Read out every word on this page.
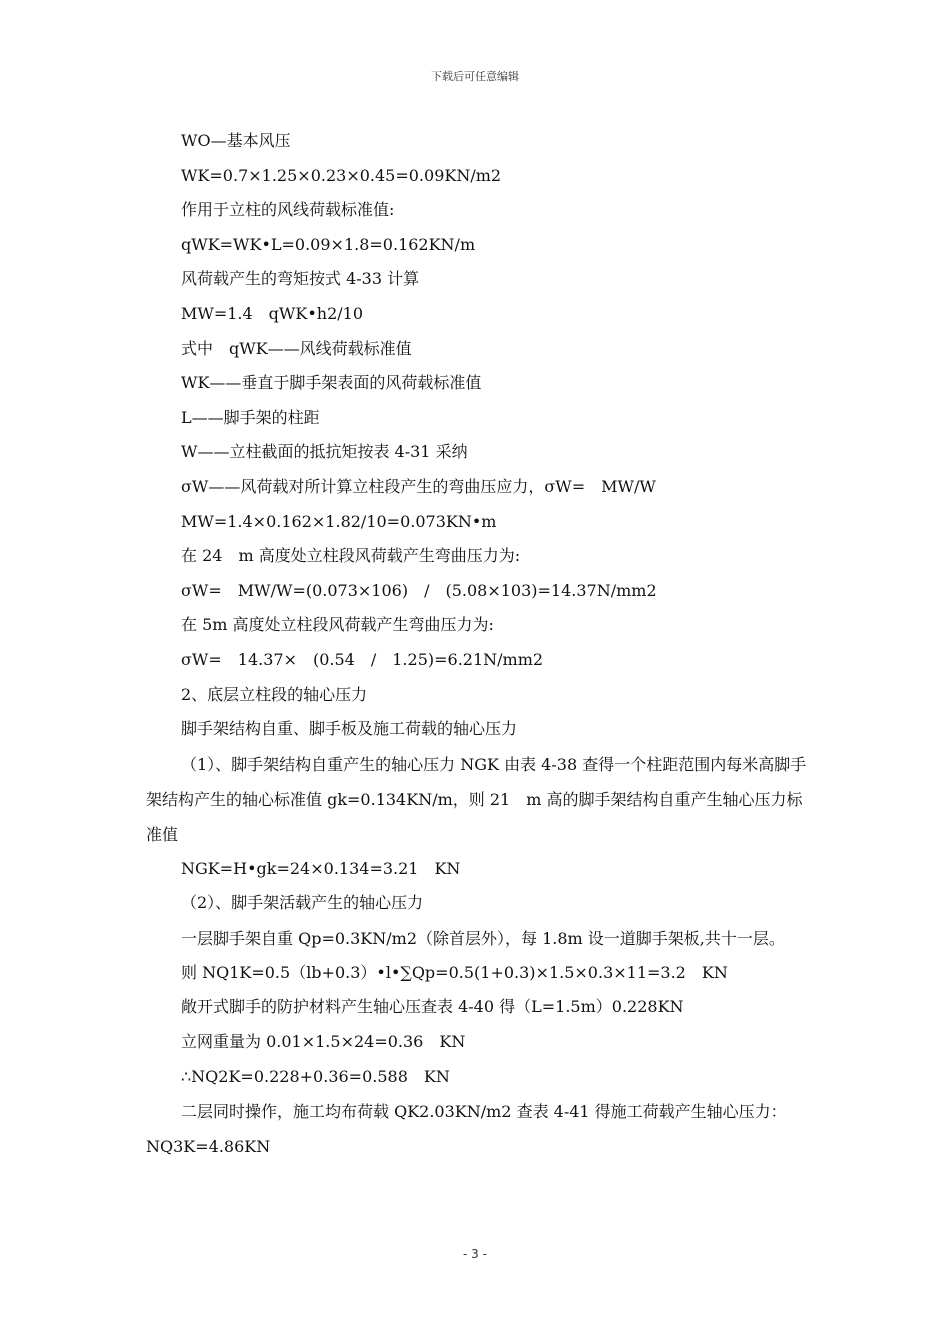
下载后可任意编辑
WO—基本风压
WK=0.7×1.25×0.23×0.45=0.09KN/m2
作用于立柱的风线荷载标准值:
qWK=WK•L=0.09×1.8=0.162KN/m
风荷载产生的弯矩按式 4-33 计算
MW=1.4　qWK•h2/10
式中　qWK——风线荷载标准值
WK——垂直于脚手架表面的风荷载标准值
L——脚手架的柱距
W——立柱截面的抵抗矩按表 4-31 采纳
σW——风荷载对所计算立柱段产生的弯曲压应力，σW=　MW/W
MW=1.4×0.162×1.82/10=0.073KN•m
在 24　m 高度处立柱段风荷载产生弯曲压力为:
σW=　MW/W=(0.073×106)　/　(5.08×103)=14.37N/mm2
在 5m 高度处立柱段风荷载产生弯曲压力为:
σW=　14.37×　(0.54　/　1.25)=6.21N/mm2
2、底层立柱段的轴心压力
脚手架结构自重、脚手板及施工荷载的轴心压力
（1）、脚手架结构自重产生的轴心压力 NGK 由表 4-38 查得一个柱距范围内每米高脚手架结构产生的轴心标准值 gk=0.134KN/m，则 21　m 高的脚手架结构自重产生轴心压力标准值
NGK=H•gk=24×0.134=3.21　KN
（2）、脚手架活载产生的轴心压力
一层脚手架自重 Qp=0.3KN/m2（除首层外），每 1.8m 设一道脚手架板,共十一层。
则 NQ1K=0.5（lb+0.3）•l•∑Qp=0.5(1+0.3)×1.5×0.3×11=3.2　KN
敞开式脚手的防护材料产生轴心压查表 4-40 得（L=1.5m）0.228KN
立网重量为 0.01×1.5×24=0.36　KN
∴NQ2K=0.228+0.36=0.588　KN
二层同时操作，施工均布荷载 QK2.03KN/m2 查表 4-41 得施工荷载产生轴心压力：NQ3K=4.86KN
- 3 -
